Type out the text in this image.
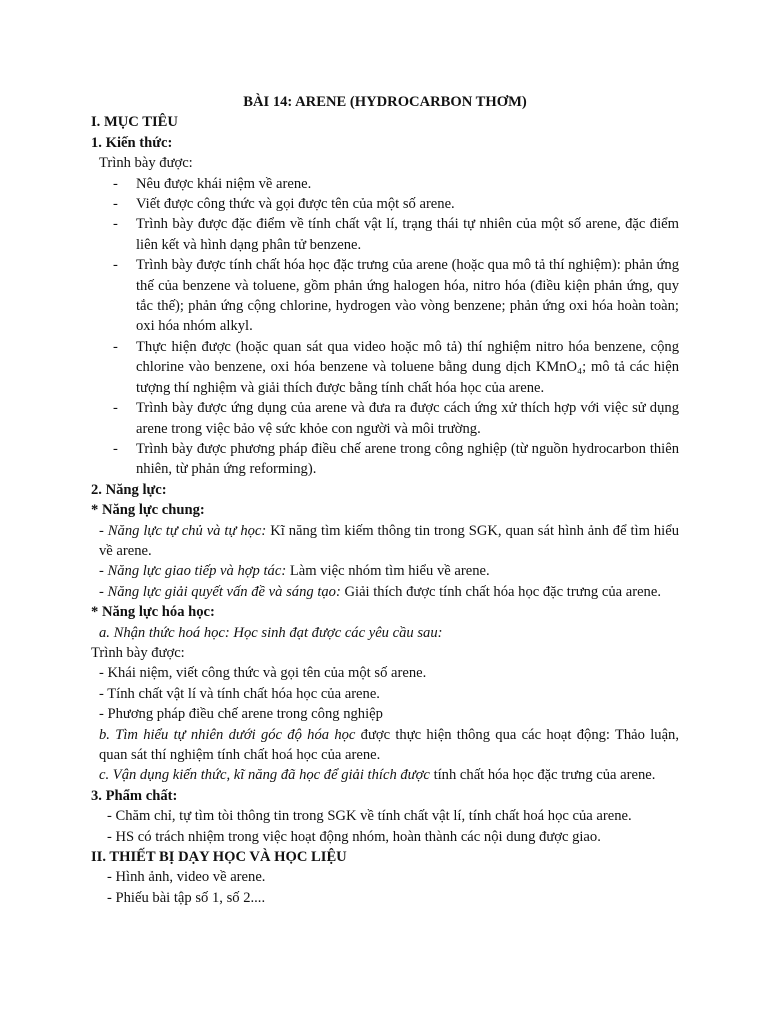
BÀI 14: ARENE (HYDROCARBON THƠM)
I. MỤC TIÊU
1. Kiến thức:
Trình bày được:
- Nêu được khái niệm về arene.
- Viết được công thức và gọi được tên của một số arene.
- Trình bày được đặc điểm về tính chất vật lí, trạng thái tự nhiên của một số arene, đặc điểm liên kết và hình dạng phân tử benzene.
- Trình bày được tính chất hóa học đặc trưng của arene (hoặc qua mô tả thí nghiệm): phản ứng thế của benzene và toluene, gồm phản ứng halogen hóa, nitro hóa (điều kiện phản ứng, quy tắc thế); phản ứng cộng chlorine, hydrogen vào vòng benzene; phản ứng oxi hóa hoàn toàn; oxi hóa nhóm alkyl.
- Thực hiện được (hoặc quan sát qua video hoặc mô tả) thí nghiệm nitro hóa benzene, cộng chlorine vào benzene, oxi hóa benzene và toluene bằng dung dịch KMnO₄; mô tả các hiện tượng thí nghiệm và giải thích được bằng tính chất hóa học của arene.
- Trình bày được ứng dụng của arene và đưa ra được cách ứng xử thích hợp với việc sử dụng arene trong việc bảo vệ sức khỏe con người và môi trường.
- Trình bày được phương pháp điều chế arene trong công nghiệp (từ nguồn hydrocarbon thiên nhiên, từ phản ứng reforming).
2. Năng lực:
* Năng lực chung:
- Năng lực tự chủ và tự học: Kĩ năng tìm kiếm thông tin trong SGK, quan sát hình ảnh để tìm hiểu về arene.
- Năng lực giao tiếp và hợp tác: Làm việc nhóm tìm hiểu về arene.
- Năng lực giải quyết vấn đề và sáng tạo: Giải thích được tính chất hóa học đặc trưng của arene.
* Năng lực hóa học:
a. Nhận thức hoá học: Học sinh đạt được các yêu cầu sau:
Trình bày được:
- Khái niệm, viết công thức và gọi tên của một số arene.
- Tính chất vật lí và tính chất hóa học của arene.
- Phương pháp điều chế arene trong công nghiệp
b. Tìm hiểu tự nhiên dưới góc độ hóa học được thực hiện thông qua các hoạt động: Thảo luận, quan sát thí nghiệm tính chất hoá học của arene.
c. Vận dụng kiến thức, kĩ năng đã học để giải thích được tính chất hóa học đặc trưng của arene.
3. Phẩm chất:
- Chăm chỉ, tự tìm tòi thông tin trong SGK về tính chất vật lí, tính chất hoá học của arene.
- HS có trách nhiệm trong việc hoạt động nhóm, hoàn thành các nội dung được giao.
II. THIẾT BỊ DẠY HỌC VÀ HỌC LIỆU
- Hình ảnh, video về arene.
- Phiếu bài tập số 1, số 2....
